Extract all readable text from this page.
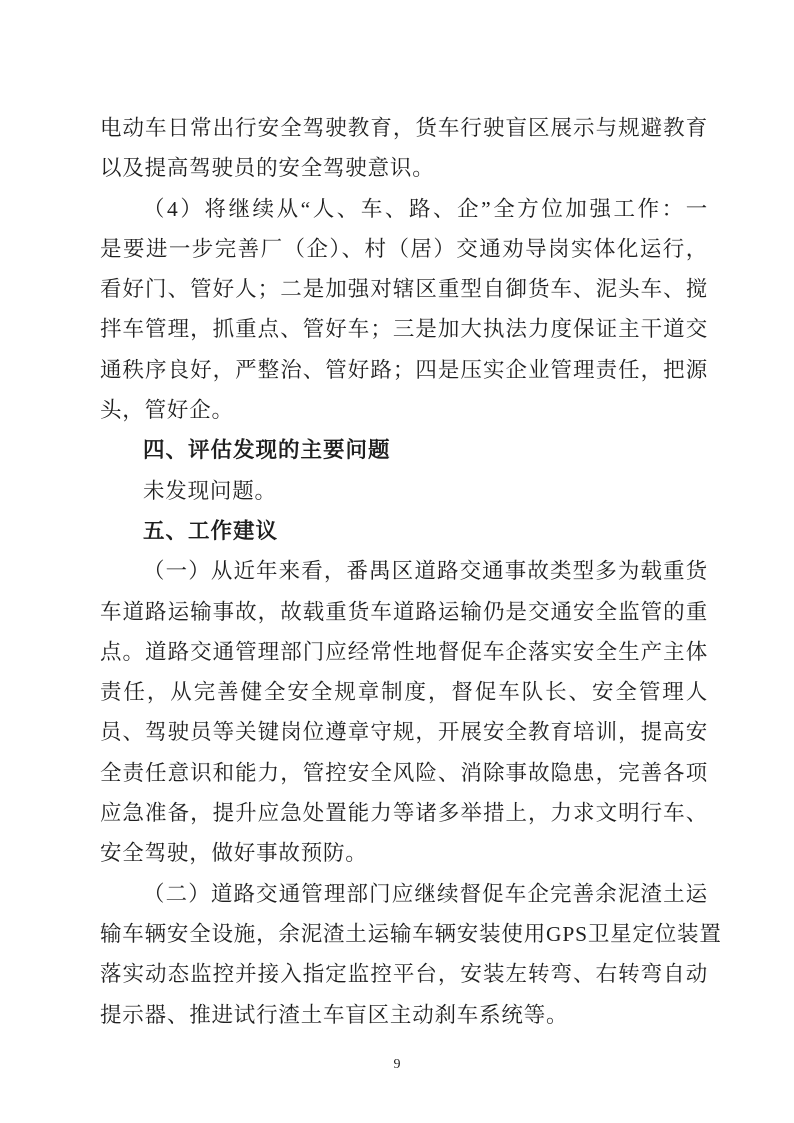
电动车日常出行安全驾驶教育，货车行驶盲区展示与规避教育
以及提高驾驶员的安全驾驶意识。
（4）将继续从“人、车、路、企”全方位加强工作：一
是要进一步完善厂（企）、村（居）交通劝导岗实体化运行，
看好门、管好人；二是加强对辖区重型自御货车、泥头车、搅
拌车管理，抓重点、管好车；三是加大执法力度保证主干道交
通秩序良好，严整治、管好路；四是压实企业管理责任，把源
头，管好企。
四、评估发现的主要问题
未发现问题。
五、工作建议
（一）从近年来看，番禺区道路交通事故类型多为载重货
车道路运输事故，故载重货车道路运输仍是交通安全监管的重
点。道路交通管理部门应经常性地督促车企落实安全生产主体
责任，从完善健全安全规章制度，督促车队长、安全管理人
员、驾驶员等关键岗位遵章守规，开展安全教育培训，提高安
全责任意识和能力，管控安全风险、消除事故隐患，完善各项
应急准备，提升应急处置能力等诸多举措上，力求文明行车、
安全驾驶，做好事故预防。
（二）道路交通管理部门应继续督促车企完善余泥渣土运
输车辆安全设施，余泥渣土运输车辆安装使用GPS卫星定位装置
落实动态监控并接入指定监控平台，安装左转弯、右转弯自动
提示器、推进试行渣土车盲区主动刹车系统等。
9
